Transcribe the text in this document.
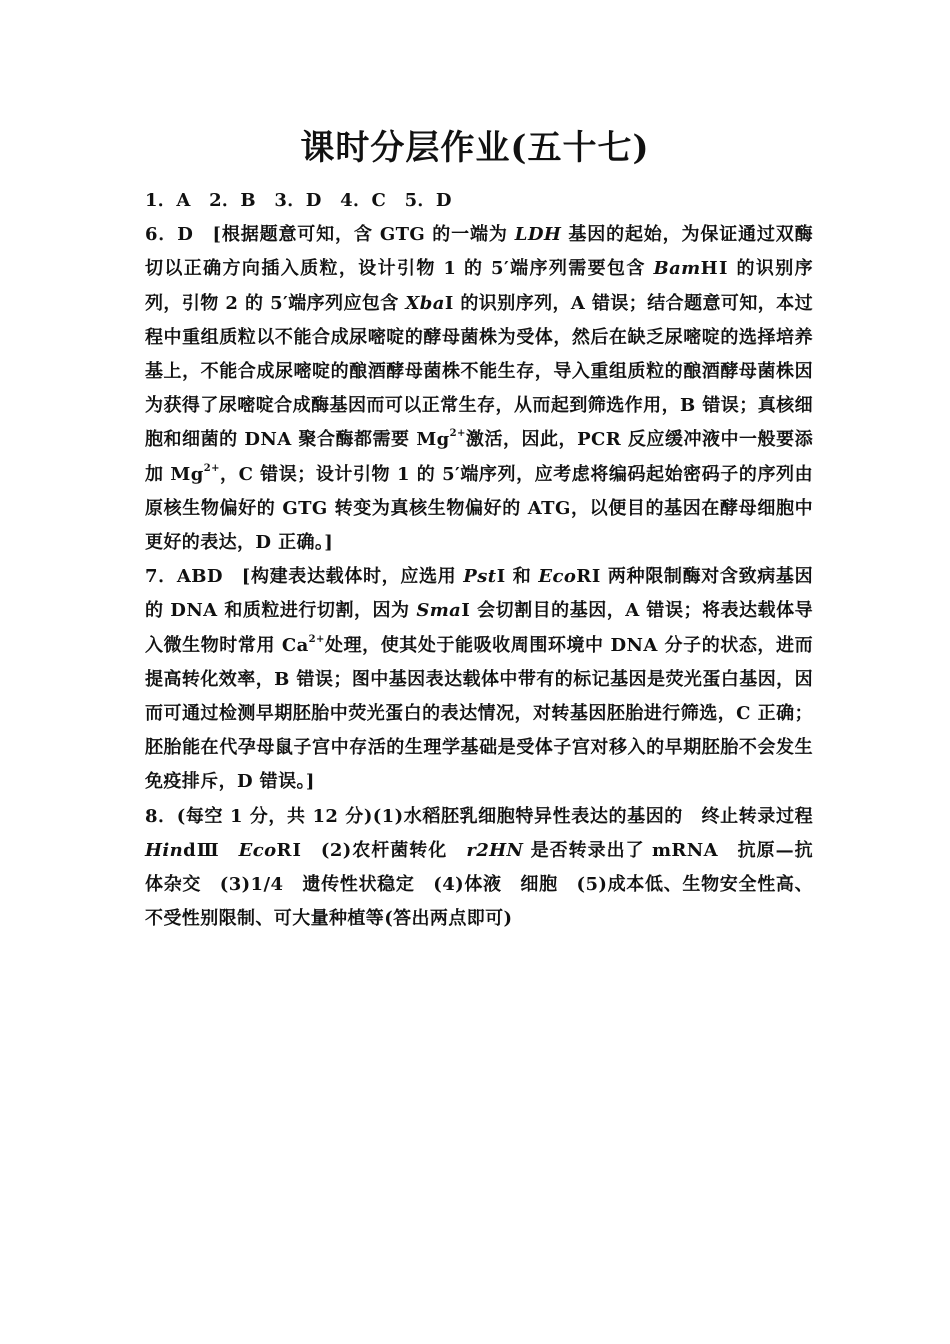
课时分层作业(五十七)

1．A　2．B　3．D　4．C　5．D

6．D　[根据题意可知，含 GTG 的一端为 LDH 基因的起始，为保证通过双酶切以正确方向插入质粒，设计引物 1 的 5′端序列需要包含 BamHⅠ 的识别序列，引物 2 的 5′端序列应包含 XbaⅠ 的识别序列，A 错误；结合题意可知，本过程中重组质粒以不能合成尿嘧啶的酵母菌株为受体，然后在缺乏尿嘧啶的选择培养基上，不能合成尿嘧啶的酿酒酵母菌株不能生存，导入重组质粒的酿酒酵母菌株因为获得了尿嘧啶合成酶基因而可以正常生存，从而起到筛选作用，B 错误；真核细胞和细菌的 DNA 聚合酶都需要 $Mg^{2+}$激活，因此，PCR 反应缓冲液中一般要添加 $Mg^{2+}$，C 错误；设计引物 1 的 5′端序列，应考虑将编码起始密码子的序列由原核生物偏好的 GTG 转变为真核生物偏好的 ATG，以便目的基因在酵母细胞中更好的表达，D 正确。]

7．ABD　[构建表达载体时，应选用 PstⅠ 和 EcoRⅠ 两种限制酶对含致病基因的 DNA 和质粒进行切割，因为 SmaⅠ 会切割目的基因，A 错误；将表达载体导入微生物时常用 $Ca^{2+}$处理，使其处于能吸收周围环境中 DNA 分子的状态，进而提高转化效率，B 错误；图中基因表达载体中带有的标记基因是荧光蛋白基因，因而可通过检测早期胚胎中荧光蛋白的表达情况，对转基因胚胎进行筛选，C 正确；胚胎能在代孕母鼠子宫中存活的生理学基础是受体子宫对移入的早期胚胎不会发生免疫排斥，D 错误。]

8．(每空 1 分，共 12 分)(1)水稻胚乳细胞特异性表达的基因的　终止转录过程　HindⅢ　EcoRⅠ　(2)农杆菌转化　r2HN 是否转录出了 mRNA　抗原—抗体杂交　(3)1/4　遗传性状稳定　(4)体液　细胞　(5)成本低、生物安全性高、不受性别限制、可大量种植等(答出两点即可)
